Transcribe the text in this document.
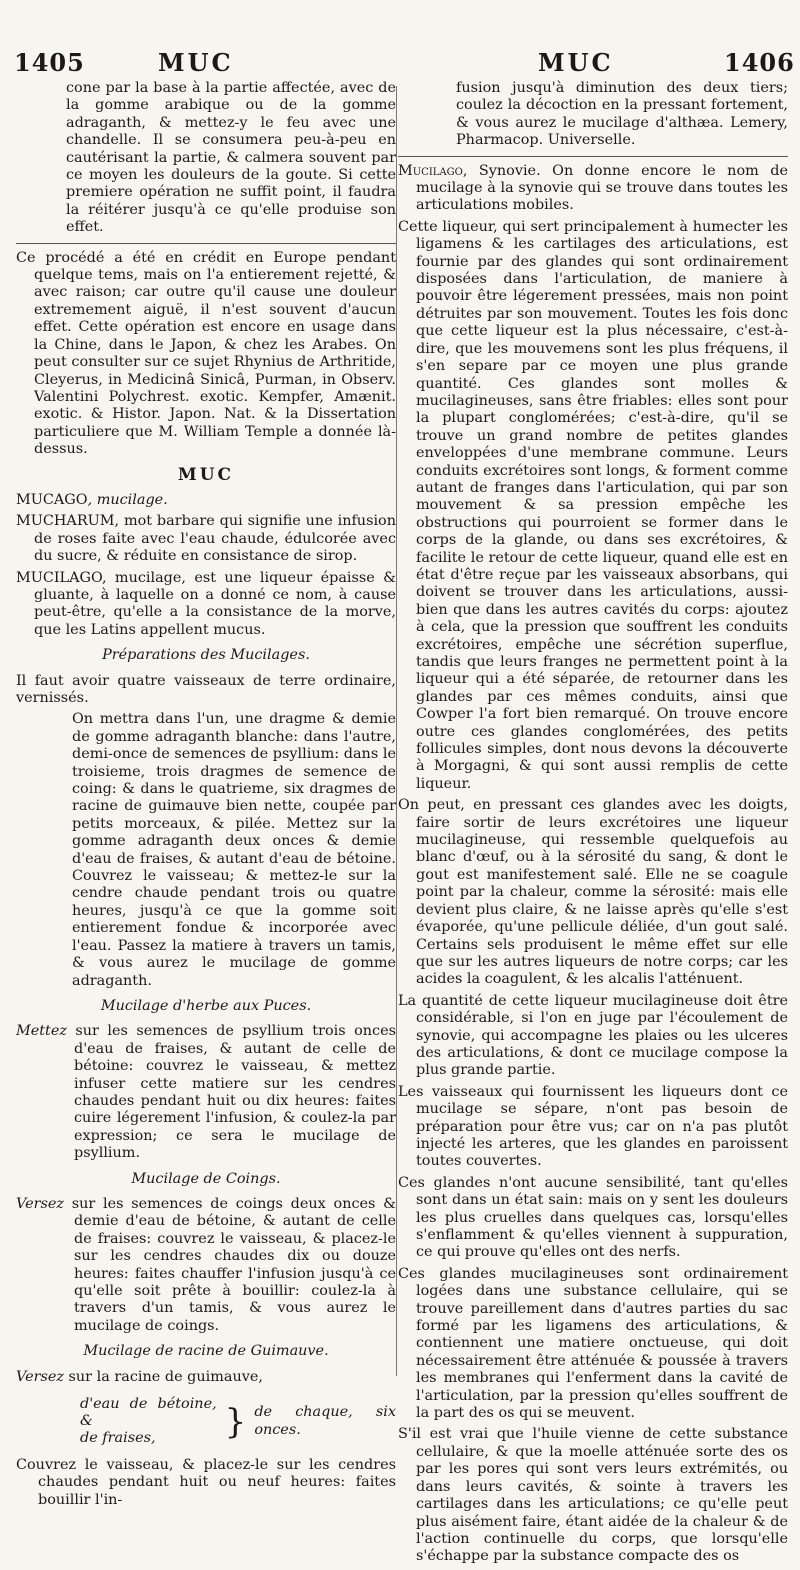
1405	MUC	MUC	1406

cone par la base à la partie affectée, avec de la gomme arabique ou de la gomme adraganth, & mettez-y le feu avec une chandelle. Il se consumera peu-à-peu en cautérisant la partie, & calmera souvent par ce moyen les douleurs de la goute. Si cette premiere opération ne suffit point, il faudra la réitérer jusqu'à ce qu'elle produise son effet.

Ce procédé a été en crédit en Europe pendant quelque tems, mais on l'a entierement rejetté, & avec raison; car outre qu'il cause une douleur extremement aiguë, il n'est souvent d'aucun effet. Cette opération est encore en usage dans la Chine, dans le Japon, & chez les Arabes. On peut consulter sur ce sujet Rhynius de Arthritide, Cleyerus, in Medicinâ Sinicâ, Purman, in Observ. Valentini Polychrest. exotic. Kempfer, Amænit. exotic. & Histor. Japon. Nat. & la Dissertation particuliere que M. William Temple a donnée là-dessus.

MUC

MUCAGO, mucilage.

MUCHARUM, mot barbare qui signifie une infusion de roses faite avec l'eau chaude, édulcorée avec du sucre, & réduite en consistance de sirop.

MUCILAGO, mucilage, est une liqueur épaisse & gluante, à laquelle on a donné ce nom, à cause peut-être, qu'elle a la consistance de la morve, que les Latins appellent mucus.

Préparations des Mucilages.

Il faut avoir quatre vaisseaux de terre ordinaire, vernissés.

On mettra dans l'un, une dragme & demie de gomme adraganth blanche: dans l'autre, demi-once de semences de psyllium: dans le troisieme, trois dragmes de semence de coing: & dans le quatrieme, six dragmes de racine de guimauve bien nette, coupée par petits morceaux, & pilée. Mettez sur la gomme adraganth deux onces & demie d'eau de fraises, & autant d'eau de bétoine. Couvrez le vaisseau; & mettez-le sur la cendre chaude pendant trois ou quatre heures, jusqu'à ce que la gomme soit entierement fondue & incorporée avec l'eau. Passez la matiere à travers un tamis, & vous aurez le mucilage de gomme adraganth.

Mucilage d'herbe aux Puces.

Mettez sur les semences de psyllium trois onces d'eau de fraises, & autant de celle de bétoine: couvrez le vaisseau, & mettez infuser cette matiere sur les cendres chaudes pendant huit ou dix heures: faites cuire légerement l'infusion, & coulez-la par expression; ce sera le mucilage de psyllium.

Mucilage de Coings.

Versez sur les semences de coings deux onces & demie d'eau de bétoine, & autant de celle de fraises: couvrez le vaisseau, & placez-le sur les cendres chaudes dix ou douze heures: faites chauffer l'infusion jusqu'à ce qu'elle soit prête à bouillir: coulez-la à travers d'un tamis, & vous aurez le mucilage de coings.

Mucilage de racine de Guimauve.

Versez sur la racine de guimauve,

d'eau de bétoine, &
de fraises,	} de chaque, six onces.

Couvrez le vaisseau, & placez-le sur les cendres chaudes pendant huit ou neuf heures: faites bouillir l'in-

fusion jusqu'à diminution des deux tiers; coulez la décoction en la pressant fortement, & vous aurez le mucilage d'althæa. Lemery, Pharmacop. Universelle.

Mucilago, Synovie. On donne encore le nom de mucilage à la synovie qui se trouve dans toutes les articulations mobiles.

Cette liqueur, qui sert principalement à humecter les ligamens & les cartilages des articulations, est fournie par des glandes qui sont ordinairement disposées dans l'articulation, de maniere à pouvoir être légerement pressées, mais non point détruites par son mouvement. Toutes les fois donc que cette liqueur est la plus nécessaire, c'est-à-dire, que les mouvemens sont les plus fréquens, il s'en separe par ce moyen une plus grande quantité. Ces glandes sont molles & mucilagineuses, sans être friables: elles sont pour la plupart conglomérées; c'est-à-dire, qu'il se trouve un grand nombre de petites glandes enveloppées d'une membrane commune. Leurs conduits excrétoires sont longs, & forment comme autant de franges dans l'articulation, qui par son mouvement & sa pression empêche les obstructions qui pourroient se former dans le corps de la glande, ou dans ses excrétoires, & facilite le retour de cette liqueur, quand elle est en état d'être reçue par les vaisseaux absorbans, qui doivent se trouver dans les articulations, aussi-bien que dans les autres cavités du corps: ajoutez à cela, que la pression que souffrent les conduits excrétoires, empêche une sécrétion superflue, tandis que leurs franges ne permettent point à la liqueur qui a été séparée, de retourner dans les glandes par ces mêmes conduits, ainsi que Cowper l'a fort bien remarqué. On trouve encore outre ces glandes conglomérées, des petits follicules simples, dont nous devons la découverte à Morgagni, & qui sont aussi remplis de cette liqueur.

On peut, en pressant ces glandes avec les doigts, faire sortir de leurs excrétoires une liqueur mucilagineuse, qui ressemble quelquefois au blanc d'œuf, ou à la sérosité du sang, & dont le gout est manifestement salé. Elle ne se coagule point par la chaleur, comme la sérosité: mais elle devient plus claire, & ne laisse après qu'elle s'est évaporée, qu'une pellicule déliée, d'un gout salé. Certains sels produisent le même effet sur elle que sur les autres liqueurs de notre corps; car les acides la coagulent, & les alcalis l'atténuent.

La quantité de cette liqueur mucilagineuse doit être considérable, si l'on en juge par l'écoulement de synovie, qui accompagne les plaies ou les ulceres des articulations, & dont ce mucilage compose la plus grande partie.

Les vaisseaux qui fournissent les liqueurs dont ce mucilage se sépare, n'ont pas besoin de préparation pour être vus; car on n'a pas plutôt injecté les arteres, que les glandes en paroissent toutes couvertes.

Ces glandes n'ont aucune sensibilité, tant qu'elles sont dans un état sain: mais on y sent les douleurs les plus cruelles dans quelques cas, lorsqu'elles s'enflamment & qu'elles viennent à suppuration, ce qui prouve qu'elles ont des nerfs.

Ces glandes mucilagineuses sont ordinairement logées dans une substance cellulaire, qui se trouve pareillement dans d'autres parties du sac formé par les ligamens des articulations, & contiennent une matiere onctueuse, qui doit nécessairement être atténuée & poussée à travers les membranes qui l'enferment dans la cavité de l'articulation, par la pression qu'elles souffrent de la part des os qui se meuvent.

S'il est vrai que l'huile vienne de cette substance cellulaire, & que la moelle atténuée sorte des os par les pores qui sont vers leurs extrémités, ou dans leurs cavités, & sointe à travers les cartilages dans les articulations; ce qu'elle peut plus aisément faire, étant aidée de la chaleur & de l'action continuelle du corps, que lorsqu'elle s'échappe par la substance compacte des os
